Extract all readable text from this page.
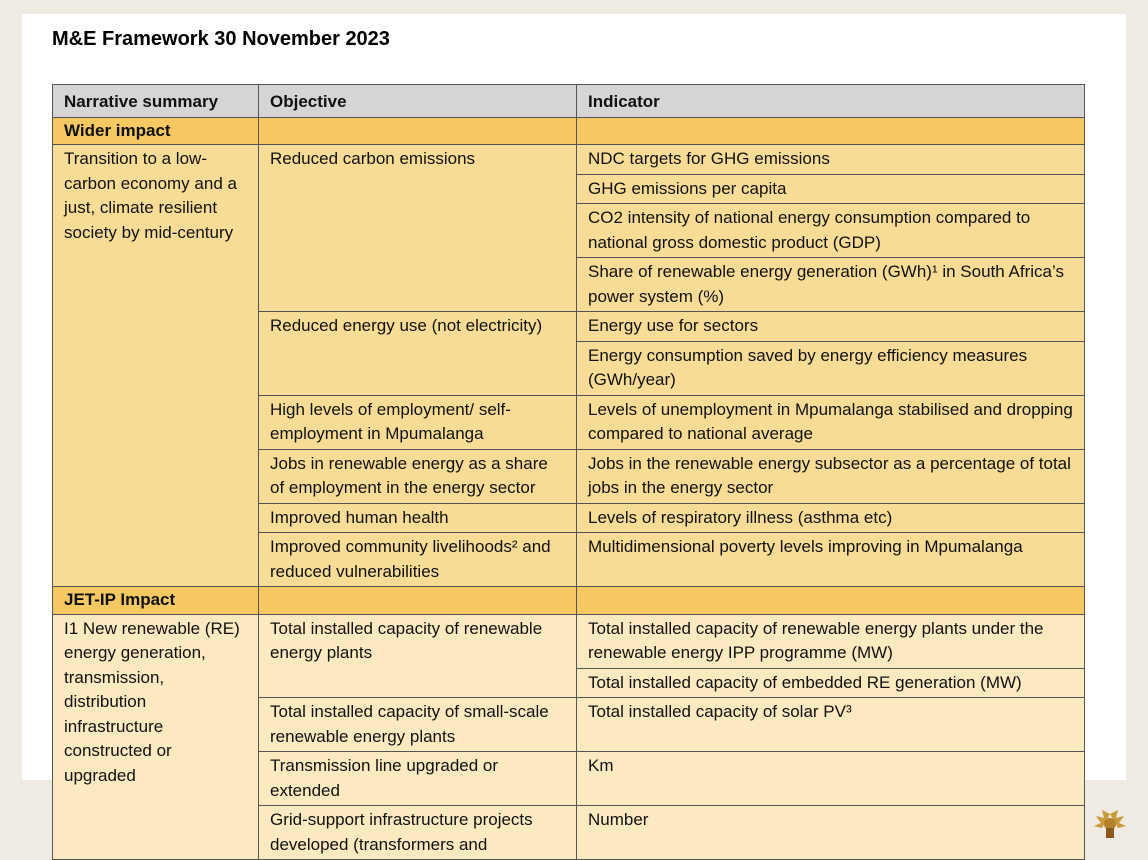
M&E Framework 30 November 2023
Narrative summary	Objective	Indicator
Wider impact		
Transition to a low-carbon economy and a just, climate resilient society by mid-century	Reduced carbon emissions	NDC targets for GHG emissions
		GHG emissions per capita
		CO2 intensity of national energy consumption compared to national gross domestic product (GDP)
		Share of renewable energy generation (GWh)¹ in South Africa’s power system (%)
	Reduced energy use (not electricity)	Energy use for sectors
		Energy consumption saved by energy efficiency measures (GWh/year)
	High levels of employment/ self-employment in Mpumalanga	Levels of unemployment in Mpumalanga stabilised and dropping compared to national average
	Jobs in renewable energy as a share of employment in the energy sector	Jobs in the renewable energy subsector as a percentage of total jobs in the energy sector
	Improved human health	Levels of respiratory illness (asthma etc)
	Improved community livelihoods² and reduced vulnerabilities	Multidimensional poverty levels improving in Mpumalanga
JET-IP Impact		
I1 New renewable (RE) energy generation, transmission, distribution infrastructure constructed or upgraded	Total installed capacity of renewable energy plants	Total installed capacity of renewable energy plants under the renewable energy IPP programme (MW)
		Total installed capacity of embedded RE generation (MW)
	Total installed capacity of small-scale renewable energy plants	Total installed capacity of solar PV³
	Transmission line upgraded or extended	Km
	Grid-support infrastructure projects developed (transformers and	Number
